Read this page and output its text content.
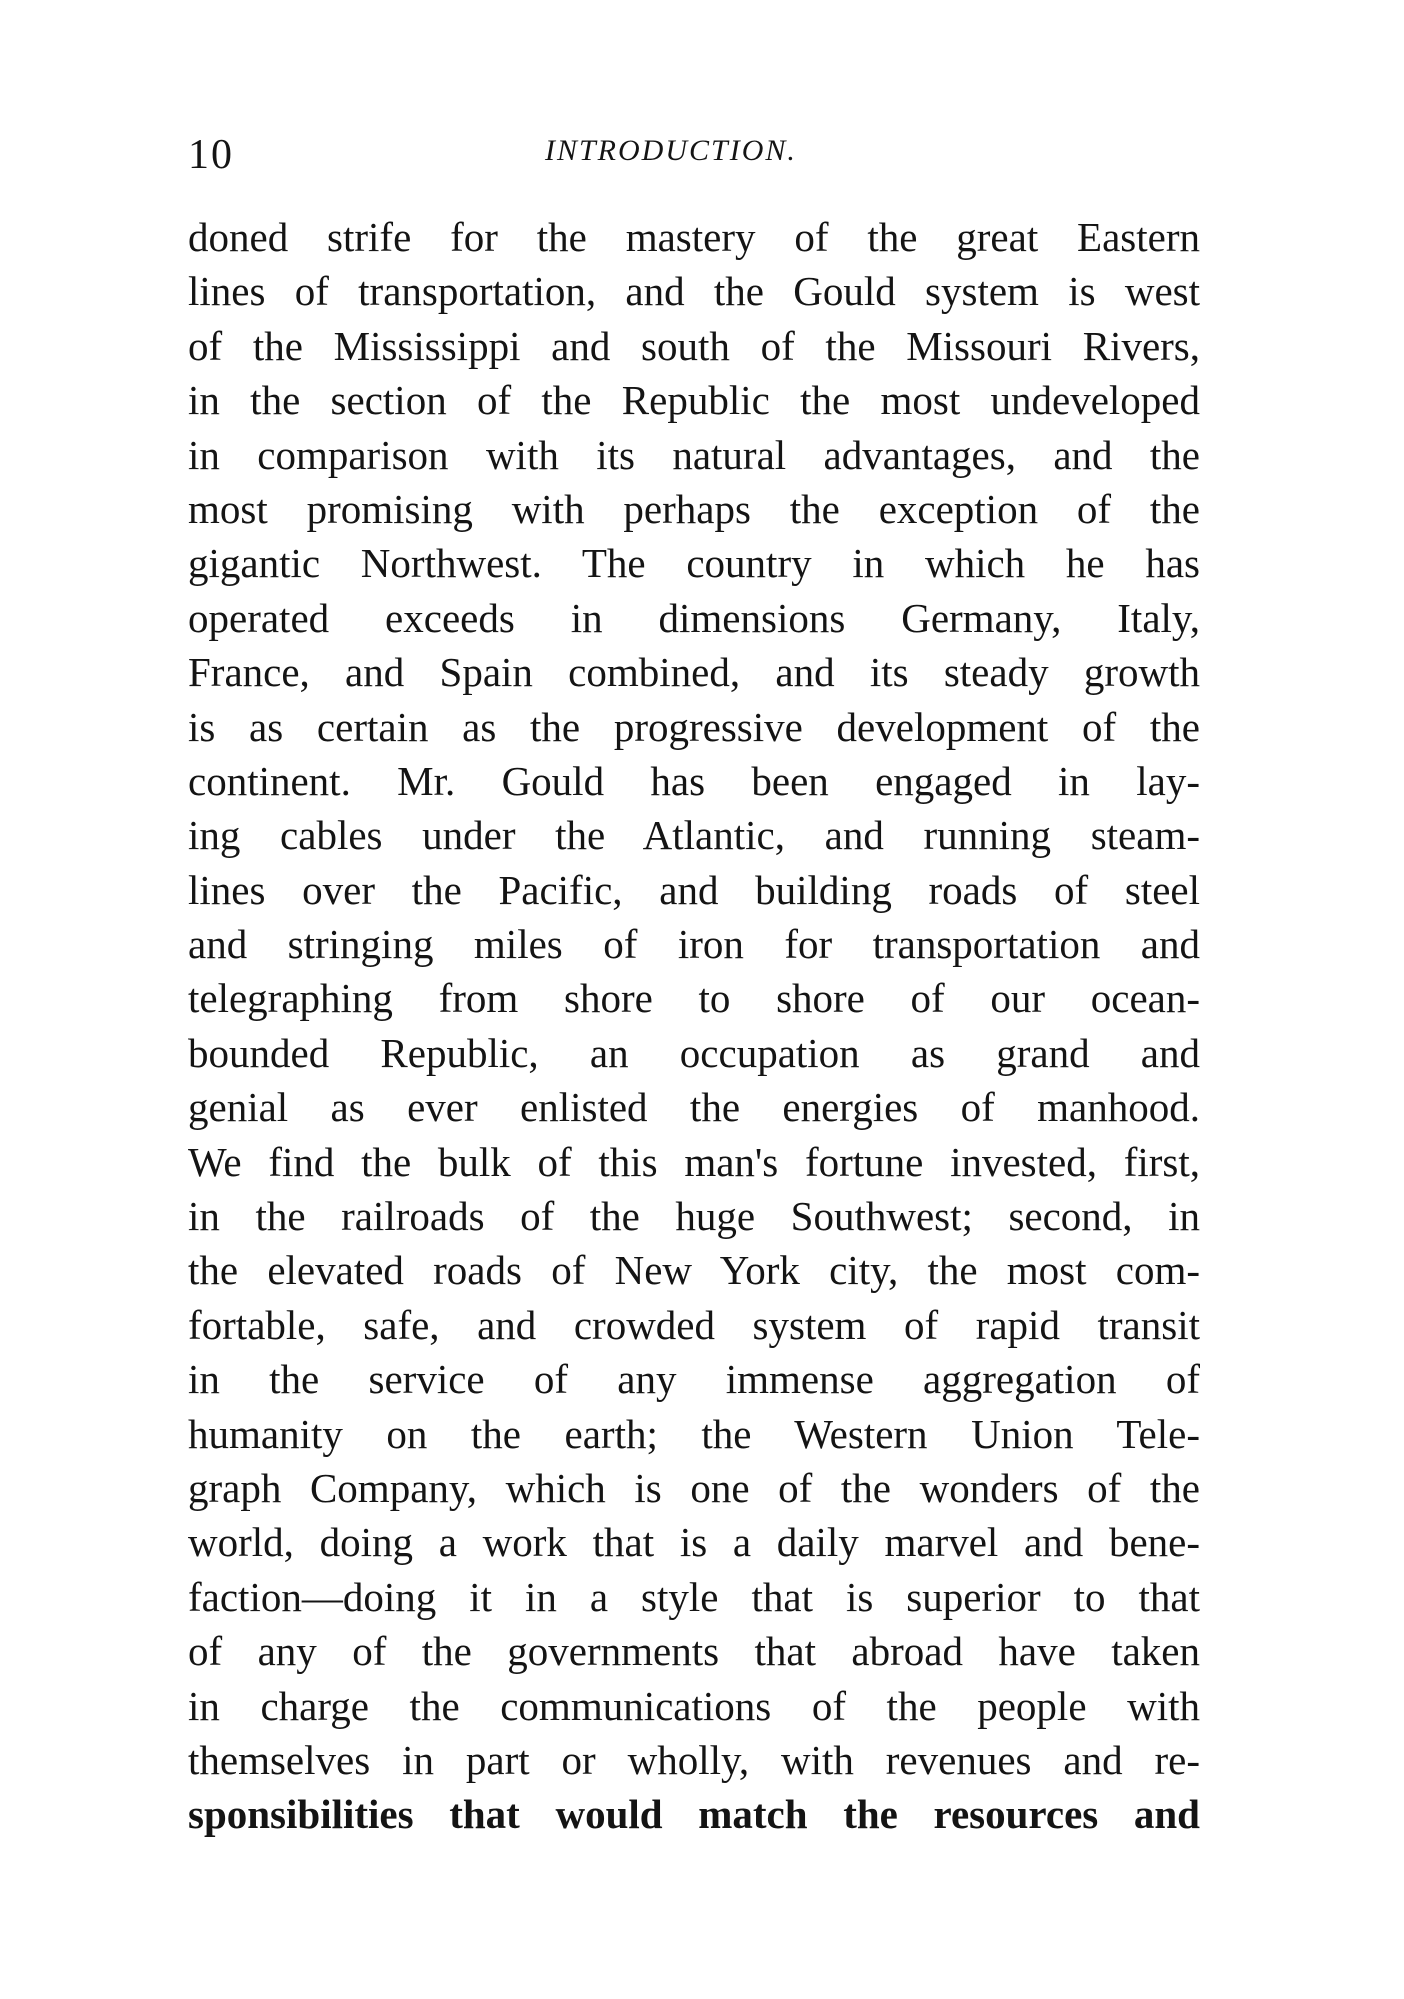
10	INTRODUCTION.
doned strife for the mastery of the great Eastern
lines of transportation, and the Gould system is west
of the Mississippi and south of the Missouri Rivers,
in the section of the Republic the most undeveloped
in comparison with its natural advantages, and the
most promising with perhaps the exception of the
gigantic Northwest. The country in which he has
operated exceeds in dimensions Germany, Italy,
France, and Spain combined, and its steady growth
is as certain as the progressive development of the
continent. Mr. Gould has been engaged in lay-
ing cables under the Atlantic, and running steam-
lines over the Pacific, and building roads of steel
and stringing miles of iron for transportation and
telegraphing from shore to shore of our ocean-
bounded Republic, an occupation as grand and
genial as ever enlisted the energies of manhood.
We find the bulk of this man's fortune invested, first,
in the railroads of the huge Southwest; second, in
the elevated roads of New York city, the most com-
fortable, safe, and crowded system of rapid transit
in the service of any immense aggregation of
humanity on the earth; the Western Union Tele-
graph Company, which is one of the wonders of the
world, doing a work that is a daily marvel and bene-
faction—doing it in a style that is superior to that
of any of the governments that abroad have taken
in charge the communications of the people with
themselves in part or wholly, with revenues and re-
sponsibilities that would match the resources and
